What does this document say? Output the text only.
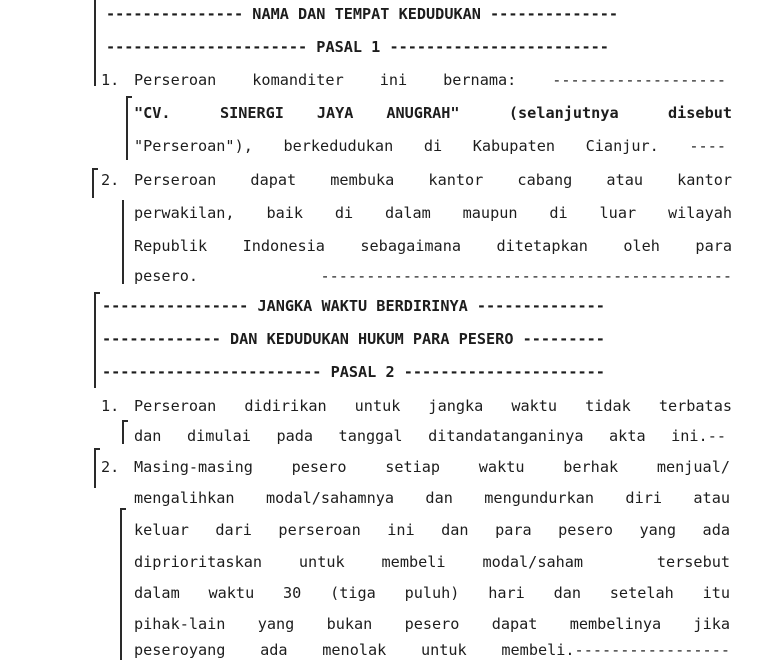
--------------- NAMA DAN TEMPAT KEDUDUKAN --------------
---------------------- PASAL 1 ------------------------
1. Perseroan komanditer ini bernama: -------------------
"CV.   SINERGI  JAYA  ANUGRAH"   (selanjutnya   disebut
"Perseroan"), berkedudukan di Kabupaten Cianjur. ----
2. Perseroan  dapat  membuka  kantor  cabang  atau  kantor
perwakilan,  baik  di  dalam  maupun  di  luar  wilayah
Republik  Indonesia  sebagaimana  ditetapkan  oleh  para
pesero. ---------------------------------------------
---------------- JANGKA WAKTU BERDIRINYA --------------
------------- DAN KEDUDUKAN HUKUM PARA PESERO ---------
------------------------ PASAL 2 ----------------------
1. Perseroan didirikan untuk jangka waktu tidak terbatas
dan dimulai pada tanggal ditandatanganinya akta ini.--
2. Masing-masing  pesero  setiap  waktu  berhak  menjual/
mengalihkan modal/sahamnya dan mengundurkan diri atau
keluar  dari  perseroan  ini  dan  para  pesero  yang  ada
diprioritaskan  untuk  membeli  modal/saham    tersebut
dalam  waktu  30  (tiga  puluh)  hari  dan  setelah  itu
pihak-lain  yang  bukan  pesero  dapat  membelinya  jika
peseroyang ada menolak untuk membeli.-----------------
